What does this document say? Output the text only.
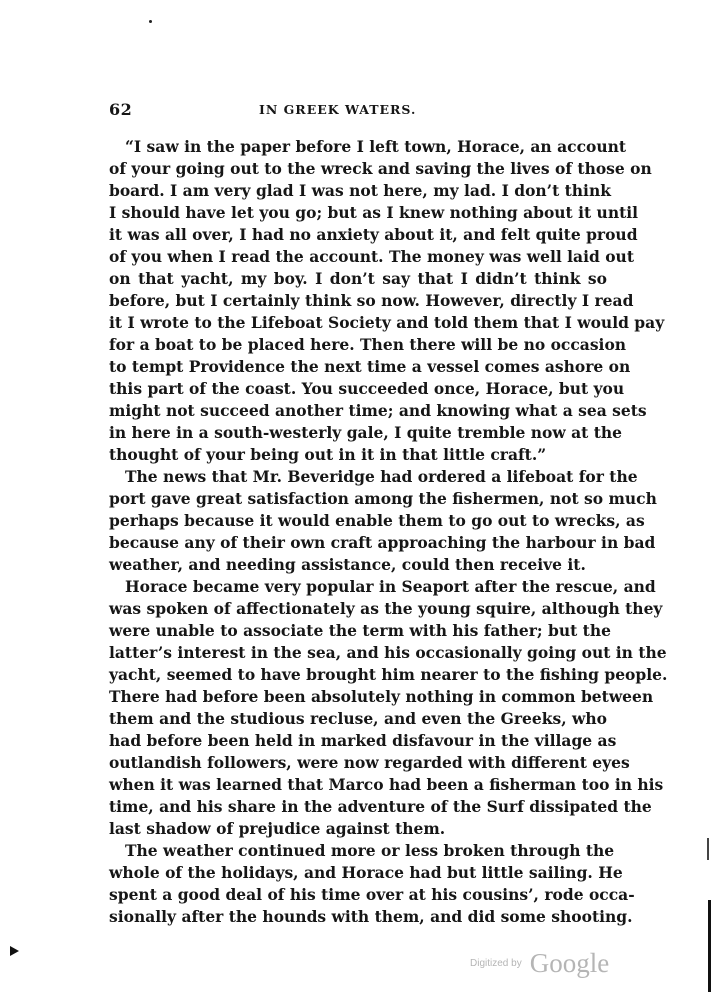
62	IN GREEK WATERS.
“I saw in the paper before I left town, Horace, an account
of your going out to the wreck and saving the lives of those on
board. I am very glad I was not here, my lad. I don’t think
I should have let you go; but as I knew nothing about it until
it was all over, I had no anxiety about it, and felt quite proud
of you when I read the account. The money was well laid out
on that yacht, my boy. I don’t say that I didn’t think so
before, but I certainly think so now. However, directly I read
it I wrote to the Lifeboat Society and told them that I would pay
for a boat to be placed here. Then there will be no occasion
to tempt Providence the next time a vessel comes ashore on
this part of the coast. You succeeded once, Horace, but you
might not succeed another time; and knowing what a sea sets
in here in a south-westerly gale, I quite tremble now at the
thought of your being out in it in that little craft.”
The news that Mr. Beveridge had ordered a lifeboat for the
port gave great satisfaction among the fishermen, not so much
perhaps because it would enable them to go out to wrecks, as
because any of their own craft approaching the harbour in bad
weather, and needing assistance, could then receive it.
Horace became very popular in Seaport after the rescue, and
was spoken of affectionately as the young squire, although they
were unable to associate the term with his father; but the
latter’s interest in the sea, and his occasionally going out in the
yacht, seemed to have brought him nearer to the fishing people.
There had before been absolutely nothing in common between
them and the studious recluse, and even the Greeks, who
had before been held in marked disfavour in the village as
outlandish followers, were now regarded with different eyes
when it was learned that Marco had been a fisherman too in his
time, and his share in the adventure of the Surf dissipated the
last shadow of prejudice against them.
The weather continued more or less broken through the
whole of the holidays, and Horace had but little sailing. He
spent a good deal of his time over at his cousins’, rode occa-
sionally after the hounds with them, and did some shooting.
Digitized by Google
